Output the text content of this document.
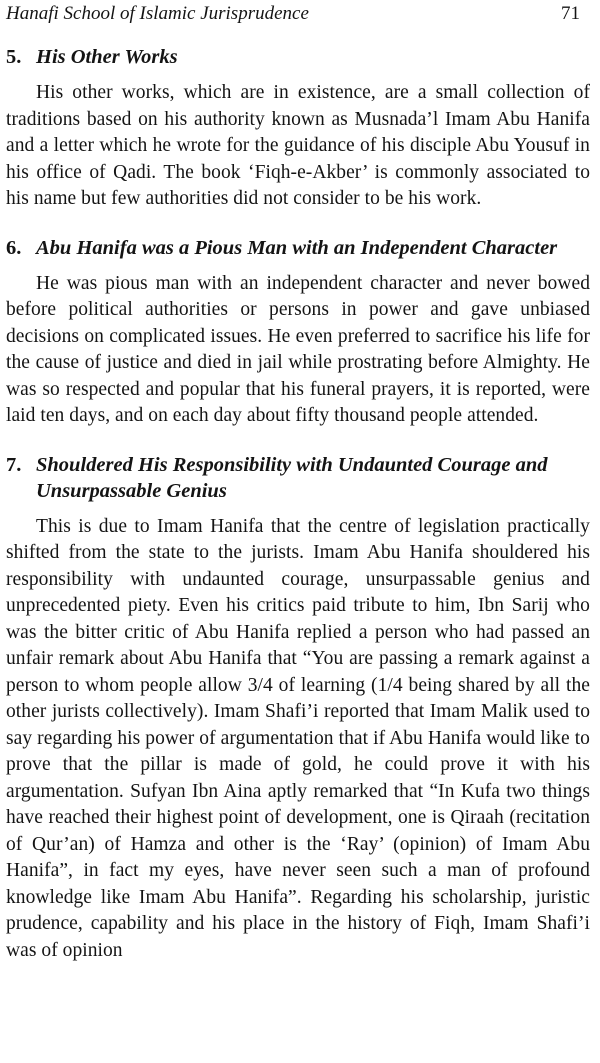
Hanafi School of Islamic Jurisprudence	71
5. His Other Works

His other works, which are in existence, are a small collection of traditions based on his authority known as Musnada’l Imam Abu Hanifa and a letter which he wrote for the guidance of his disciple Abu Yousuf in his office of Qadi. The book ‘Fiqh-e-Akber’ is commonly associated to his name but few authorities did not consider to be his work.

6. Abu Hanifa was a Pious Man with an Independent Character

He was pious man with an independent character and never bowed before political authorities or persons in power and gave unbiased decisions on complicated issues. He even preferred to sacrifice his life for the cause of justice and died in jail while prostrating before Almighty. He was so respected and popular that his funeral prayers, it is reported, were laid ten days, and on each day about fifty thousand people attended.

7. Shouldered His Responsibility with Undaunted Courage and Unsurpassable Genius

This is due to Imam Hanifa that the centre of legislation practically shifted from the state to the jurists. Imam Abu Hanifa shouldered his responsibility with undaunted courage, unsurpassable genius and unprecedented piety. Even his critics paid tribute to him, Ibn Sarij who was the bitter critic of Abu Hanifa replied a person who had passed an unfair remark about Abu Hanifa that “You are passing a remark against a person to whom people allow 3/4 of learning (1/4 being shared by all the other jurists collectively). Imam Shafi’i reported that Imam Malik used to say regarding his power of argumentation that if Abu Hanifa would like to prove that the pillar is made of gold, he could prove it with his argumentation. Sufyan Ibn Aina aptly remarked that “In Kufa two things have reached their highest point of development, one is Qiraah (recitation of Qur’an) of Hamza and other is the ‘Ray’ (opinion) of Imam Abu Hanifa”, in fact my eyes, have never seen such a man of profound knowledge like Imam Abu Hanifa”. Regarding his scholarship, juristic prudence, capability and his place in the history of Fiqh, Imam Shafi’i was of opinion
